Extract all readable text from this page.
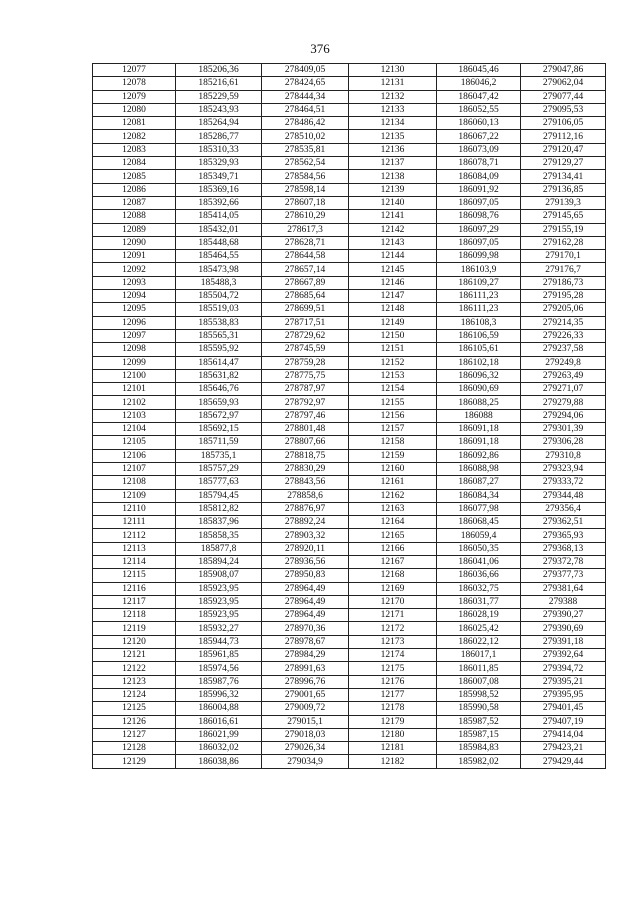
376
12077	185206,36	278409,05	12130	186045,46	279047,86
12078	185216,61	278424,65	12131	186046,2	279062,04
12079	185229,59	278444,34	12132	186047,42	279077,44
12080	185243,93	278464,51	12133	186052,55	279095,53
12081	185264,94	278486,42	12134	186060,13	279106,05
12082	185286,77	278510,02	12135	186067,22	279112,16
12083	185310,33	278535,81	12136	186073,09	279120,47
12084	185329,93	278562,54	12137	186078,71	279129,27
12085	185349,71	278584,56	12138	186084,09	279134,41
12086	185369,16	278598,14	12139	186091,92	279136,85
12087	185392,66	278607,18	12140	186097,05	279139,3
12088	185414,05	278610,29	12141	186098,76	279145,65
12089	185432,01	278617,3	12142	186097,29	279155,19
12090	185448,68	278628,71	12143	186097,05	279162,28
12091	185464,55	278644,58	12144	186099,98	279170,1
12092	185473,98	278657,14	12145	186103,9	279176,7
12093	185488,3	278667,89	12146	186109,27	279186,73
12094	185504,72	278685,64	12147	186111,23	279195,28
12095	185519,03	278699,51	12148	186111,23	279205,06
12096	185538,83	278717,51	12149	186108,3	279214,35
12097	185565,31	278729,62	12150	186106,59	279226,33
12098	185595,92	278745,59	12151	186105,61	279237,58
12099	185614,47	278759,28	12152	186102,18	279249,8
12100	185631,82	278775,75	12153	186096,32	279263,49
12101	185646,76	278787,97	12154	186090,69	279271,07
12102	185659,93	278792,97	12155	186088,25	279279,88
12103	185672,97	278797,46	12156	186088	279294,06
12104	185692,15	278801,48	12157	186091,18	279301,39
12105	185711,59	278807,66	12158	186091,18	279306,28
12106	185735,1	278818,75	12159	186092,86	279310,8
12107	185757,29	278830,29	12160	186088,98	279323,94
12108	185777,63	278843,56	12161	186087,27	279333,72
12109	185794,45	278858,6	12162	186084,34	279344,48
12110	185812,82	278876,97	12163	186077,98	279356,4
12111	185837,96	278892,24	12164	186068,45	279362,51
12112	185858,35	278903,32	12165	186059,4	279365,93
12113	185877,8	278920,11	12166	186050,35	279368,13
12114	185894,24	278936,56	12167	186041,06	279372,78
12115	185908,07	278950,83	12168	186036,66	279377,73
12116	185923,95	278964,49	12169	186032,75	279381,64
12117	185923,95	278964,49	12170	186031,77	279388
12118	185923,95	278964,49	12171	186028,19	279390,27
12119	185932,27	278970,36	12172	186025,42	279390,69
12120	185944,73	278978,67	12173	186022,12	279391,18
12121	185961,85	278984,29	12174	186017,1	279392,64
12122	185974,56	278991,63	12175	186011,85	279394,72
12123	185987,76	278996,76	12176	186007,08	279395,21
12124	185996,32	279001,65	12177	185998,52	279395,95
12125	186004,88	279009,72	12178	185990,58	279401,45
12126	186016,61	279015,1	12179	185987,52	279407,19
12127	186021,99	279018,03	12180	185987,15	279414,04
12128	186032,02	279026,34	12181	185984,83	279423,21
12129	186038,86	279034,9	12182	185982,02	279429,44
